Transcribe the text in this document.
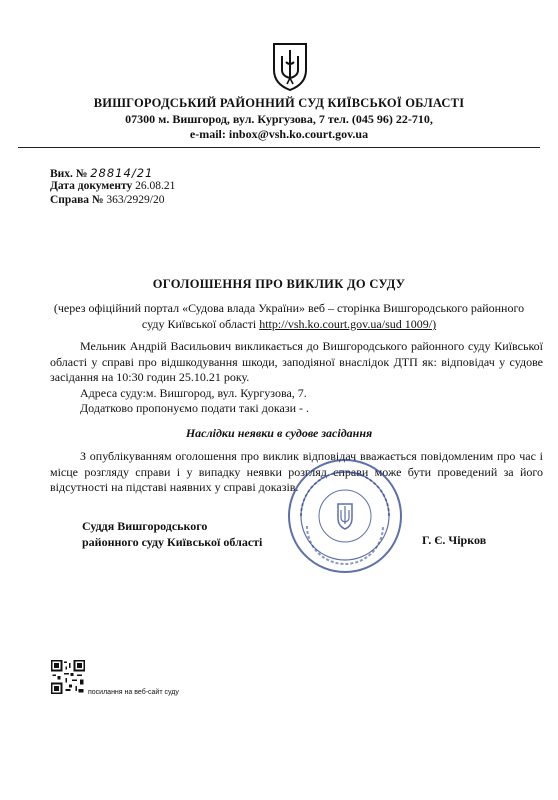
ВИШГОРОДСЬКИЙ РАЙОННИЙ СУД КИЇВСЬКОЇ ОБЛАСТІ
07300 м. Вишгород, вул. Кургузова, 7 тел. (045 96) 22-710,
e-mail: inbox@vsh.ko.court.gov.ua
Вих. № 28814/21
Дата документу 26.08.21
Справа № 363/2929/20
ОГОЛОШЕННЯ ПРО ВИКЛИК ДО СУДУ
(через офіційний портал «Судова влада України» веб – сторінка Вишгородського районного суду Київської області http://vsh.ko.court.gov.ua/sud 1009/)
Мельник Андрій Васильович викликається до Вишгородського районного суду Київської області у справі про відшкодування шкоди, заподіяної внаслідок ДТП як: відповідач у судове засідання на 10:30 годин 25.10.21 року.
Адреса суду:м. Вишгород, вул. Кургузова, 7.
Додатково пропонуємо подати такі докази - .
Наслідки неявки в судове засідання
З опублікуванням оголошення про виклик відповідач вважається повідомленим про час і місце розгляду справи і у випадку неявки розгляд справи може бути проведений за його відсутності на підставі наявних у справі доказів.
Суддя Вишгородського
районного суду Київської області	Г. Є. Чірков
посилання на веб-сайт суду
